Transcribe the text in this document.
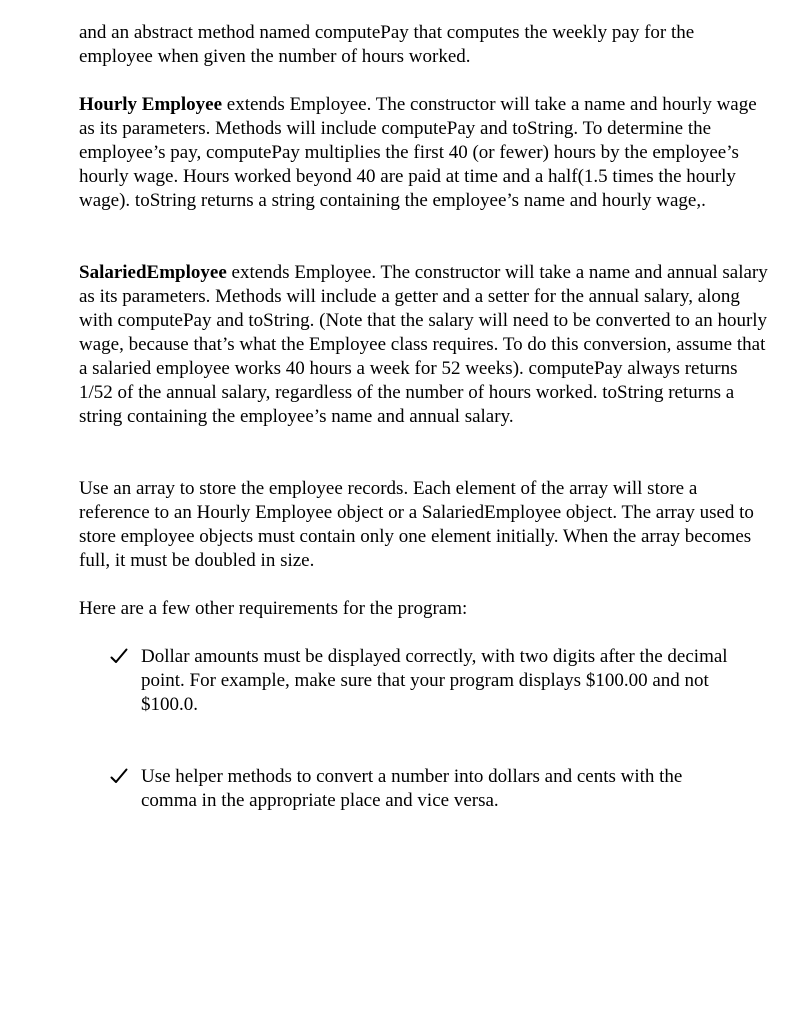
and an abstract method named computePay that computes the weekly pay for the employee when given the number of hours worked.

Hourly Employee extends Employee. The constructor will take a name and hourly wage as its parameters. Methods will include computePay and toString. To determine the employee’s pay, computePay multiplies the first 40 (or fewer) hours by the employee’s hourly wage. Hours worked beyond 40 are paid at time and a half(1.5 times the hourly wage). toString returns a string containing the employee’s name and hourly wage,.

SalariedEmployee extends Employee. The constructor will take a name and annual salary as its parameters. Methods will include a getter and a setter for the annual salary, along with computePay and toString. (Note that the salary will need to be converted to an hourly wage, because that’s what the Employee class requires. To do this conversion, assume that a salaried employee works 40 hours a week for 52 weeks). computePay always returns 1/52 of the annual salary, regardless of the number of hours worked. toString returns a string containing the employee’s name and annual salary.

Use an array to store the employee records. Each element of the array will store a reference to an Hourly Employee object or a SalariedEmployee object. The array used to store employee objects must contain only one element initially. When the array becomes full, it must be doubled in size.

Here are a few other requirements for the program:

Dollar amounts must be displayed correctly, with two digits after the decimal point. For example, make sure that your program displays $100.00 and not $100.0.

Use helper methods to convert a number into dollars and cents with the comma in the appropriate place and vice versa.
